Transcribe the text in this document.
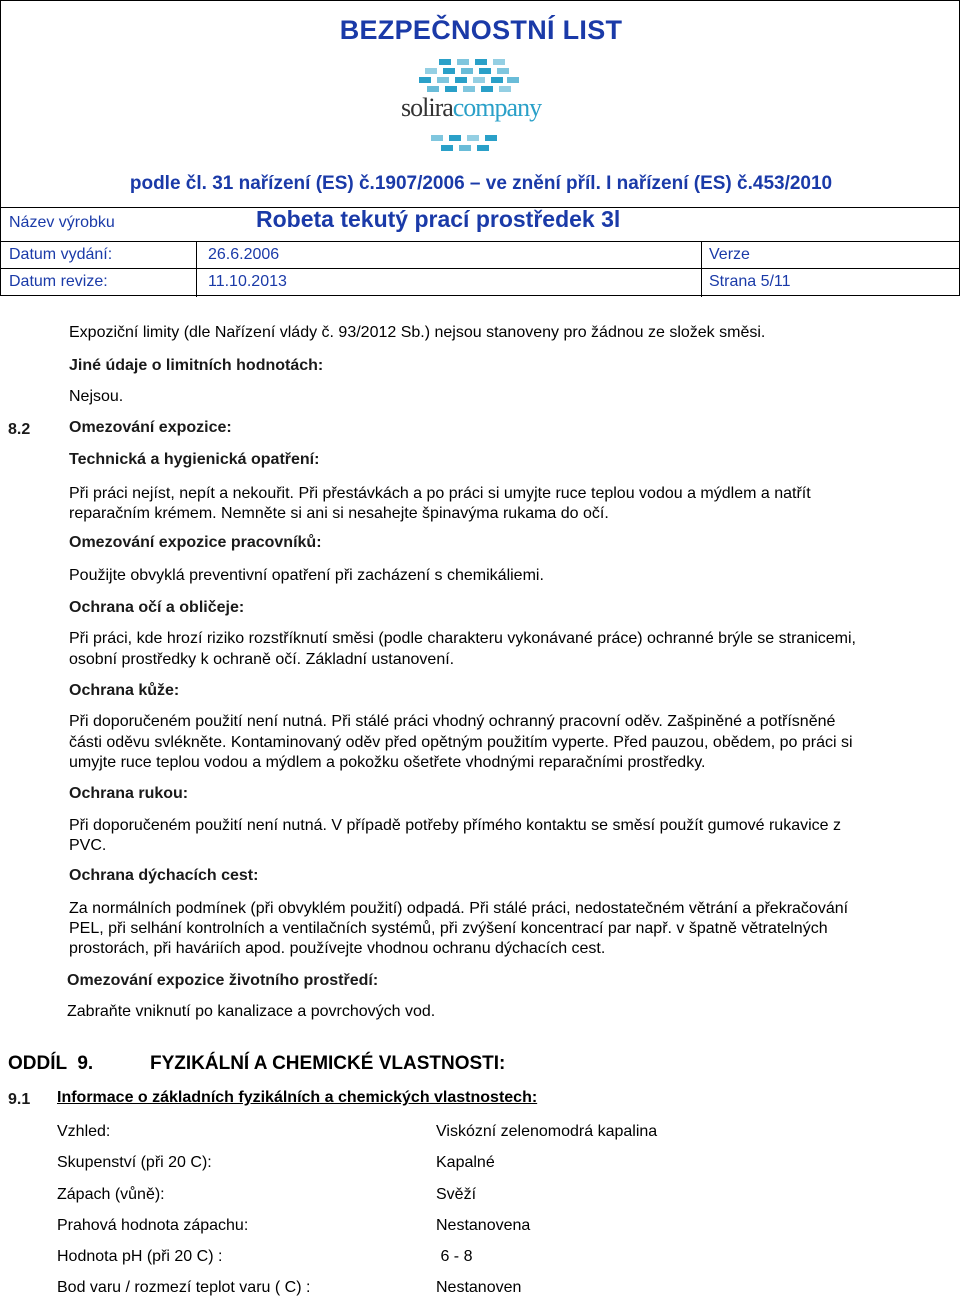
BEZPEČNOSTNÍ LIST
soliracompany
podle čl. 31 nařízení (ES) č.1907/2006 – ve znění příl. I nařízení (ES) č.453/2010
Název výrobku	Robeta tekutý prací prostředek 3l
Datum vydání:	26.6.2006	Verze
Datum revize:	11.10.2013	Strana 5/11
Expoziční limity (dle Nařízení vlády č. 93/2012 Sb.) nejsou stanoveny pro žádnou ze složek směsi.
Jiné údaje o limitních hodnotách:
Nejsou.
8.2 Omezování expozice:
Technická a hygienická opatření:
Při práci nejíst, nepít a nekouřit. Při přestávkách a po práci si umyjte ruce teplou vodou a mýdlem a natřít
reparačním krémem. Nemněte si ani si nesahejte špinavýma rukama do očí.
Omezování expozice pracovníků:
Použijte obvyklá preventivní opatření při zacházení s chemikáliemi.
Ochrana očí a obličeje:
Při práci, kde hrozí riziko rozstříknutí směsi (podle charakteru vykonávané práce) ochranné brýle se stranicemi,
osobní prostředky k ochraně očí. Základní ustanovení.
Ochrana kůže:
Při doporučeném použití není nutná. Při stálé práci vhodný ochranný pracovní oděv. Zašpiněné a potřísněné
části oděvu svlékněte. Kontaminovaný oděv před opětným použitím vyperte. Před pauzou, obědem, po práci si
umyjte ruce teplou vodou a mýdlem a pokožku ošetřete vhodnými reparačními prostředky.
Ochrana rukou:
Při doporučeném použití není nutná. V případě potřeby přímého kontaktu se směsí použít gumové rukavice z
PVC.
Ochrana dýchacích cest:
Za normálních podmínek (při obvyklém použití) odpadá. Při stálé práci, nedostatečném větrání a překračování
PEL, při selhání kontrolních a ventilačních systémů, při zvýšení koncentrací par např. v špatně větratelných
prostorách, při haváriích apod. používejte vhodnou ochranu dýchacích cest.
Omezování expozice životního prostředí:
Zabraňte vniknutí po kanalizace a povrchových vod.
ODDÍL  9.	FYZIKÁLNÍ A CHEMICKÉ VLASTNOSTI:
9.1 Informace o základních fyzikálních a chemických vlastnostech:
Vzhled:	Viskózní zelenomodrá kapalina
Skupenství (při 20 C):	Kapalné
Zápach (vůně):	Svěží
Prahová hodnota zápachu:	Nestanovena
Hodnota pH (při 20 C) :	6 - 8
Bod varu / rozmezí teplot varu ( C) :	Nestanoven
